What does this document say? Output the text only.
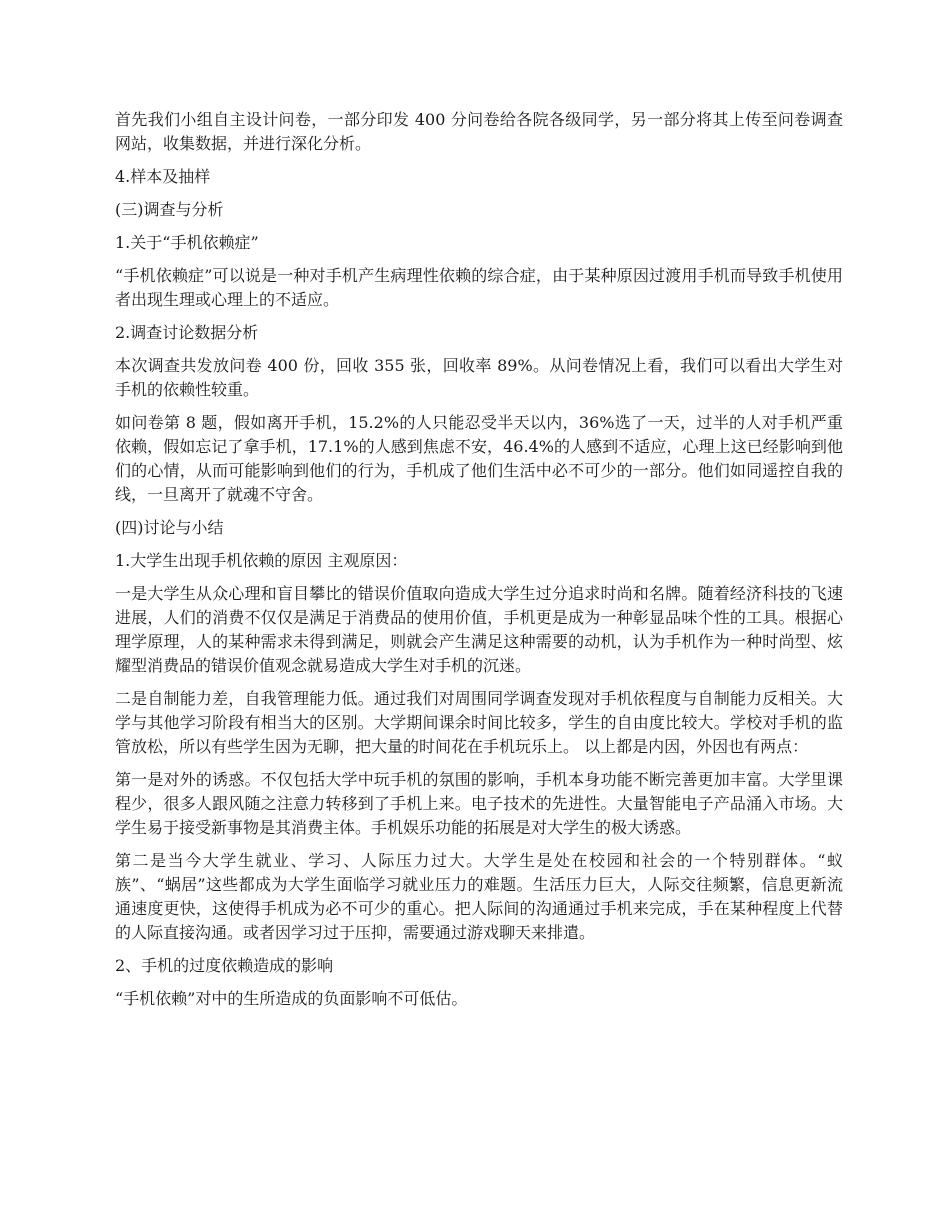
首先我们小组自主设计问卷，一部分印发 400 分问卷给各院各级同学，另一部分将其上传至问卷调查网站，收集数据，并进行深化分析。

4.样本及抽样

(三)调查与分析

1.关于“手机依赖症”

“手机依赖症”可以说是一种对手机产生病理性依赖的综合症，由于某种原因过渡用手机而导致手机使用者出现生理或心理上的不适应。

2.调查讨论数据分析

本次调查共发放问卷 400 份，回收 355 张，回收率 89%。从问卷情况上看，我们可以看出大学生对手机的依赖性较重。

如问卷第 8 题，假如离开手机，15.2%的人只能忍受半天以内，36%选了一天，过半的人对手机严重依赖，假如忘记了拿手机，17.1%的人感到焦虑不安，46.4%的人感到不适应，心理上这已经影响到他们的心情，从而可能影响到他们的行为，手机成了他们生活中必不可少的一部分。他们如同遥控自我的线，一旦离开了就魂不守舍。

(四)讨论与小结

1.大学生出现手机依赖的原因 主观原因：

一是大学生从众心理和盲目攀比的错误价值取向造成大学生过分追求时尚和名牌。随着经济科技的飞速进展，人们的消费不仅仅是满足于消费品的使用价值，手机更是成为一种彰显品味个性的工具。根据心理学原理，人的某种需求未得到满足，则就会产生满足这种需要的动机，认为手机作为一种时尚型、炫耀型消费品的错误价值观念就易造成大学生对手机的沉迷。

二是自制能力差，自我管理能力低。通过我们对周围同学调查发现对手机依程度与自制能力反相关。大学与其他学习阶段有相当大的区别。大学期间课余时间比较多，学生的自由度比较大。学校对手机的监管放松，所以有些学生因为无聊，把大量的时间花在手机玩乐上。 以上都是内因，外因也有两点：

第一是对外的诱惑。不仅包括大学中玩手机的氛围的影响，手机本身功能不断完善更加丰富。大学里课程少，很多人跟风随之注意力转移到了手机上来。电子技术的先进性。大量智能电子产品涌入市场。大学生易于接受新事物是其消费主体。手机娱乐功能的拓展是对大学生的极大诱惑。

第二是当今大学生就业、学习、人际压力过大。大学生是处在校园和社会的一个特别群体。“蚁族”、“蜗居”这些都成为大学生面临学习就业压力的难题。生活压力巨大，人际交往频繁，信息更新流通速度更快，这使得手机成为必不可少的重心。把人际间的沟通通过手机来完成，手在某种程度上代替的人际直接沟通。或者因学习过于压抑，需要通过游戏聊天来排遣。

2、手机的过度依赖造成的影响

“手机依赖”对中的生所造成的负面影响不可低估。
